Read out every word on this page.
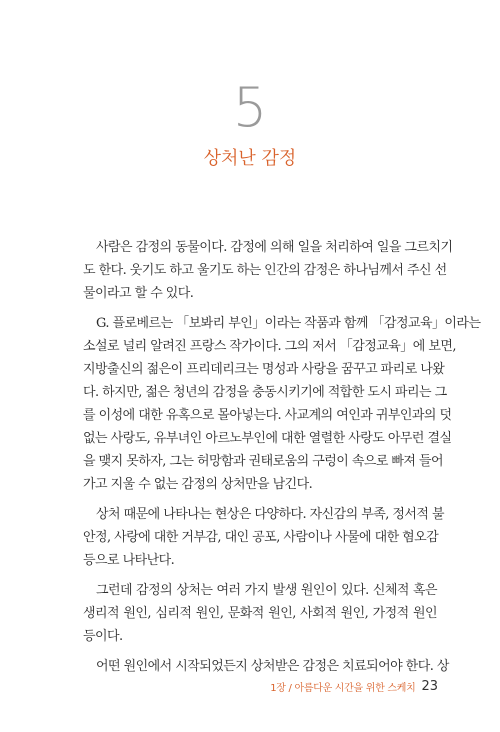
5
상처난 감정

사람은 감정의 동물이다. 감정에 의해 일을 처리하여 일을 그르치기
도 한다. 웃기도 하고 울기도 하는 인간의 감정은 하나님께서 주신 선
물이라고 할 수 있다.

G. 플로베르는 「보봐리 부인」이라는 작품과 함께 「감정교육」이라는
소설로 널리 알려진 프랑스 작가이다. 그의 저서 「감정교육」에 보면,
지방출신의 젊은이 프리데리크는 명성과 사랑을 꿈꾸고 파리로 나왔
다. 하지만, 젊은 청년의 감정을 충동시키기에 적합한 도시 파리는 그
를 이성에 대한 유혹으로 몰아넣는다. 사교계의 여인과 귀부인과의 덧
없는 사랑도, 유부녀인 아르노부인에 대한 열렬한 사랑도 아무런 결실
을 맺지 못하자, 그는 허망함과 권태로움의 구렁이 속으로 빠져 들어
가고 지울 수 없는 감정의 상처만을 남긴다.

상처 때문에 나타나는 현상은 다양하다. 자신감의 부족, 정서적 불
안정, 사랑에 대한 거부감, 대인 공포, 사람이나 사물에 대한 혐오감
등으로 나타난다.

그런데 감정의 상처는 여러 가지 발생 원인이 있다. 신체적 혹은
생리적 원인, 심리적 원인, 문화적 원인, 사회적 원인, 가정적 원인
등이다.

어떤 원인에서 시작되었든지 상처받은 감정은 치료되어야 한다. 상

1장 / 아름다운 시간을 위한 스케치 23
